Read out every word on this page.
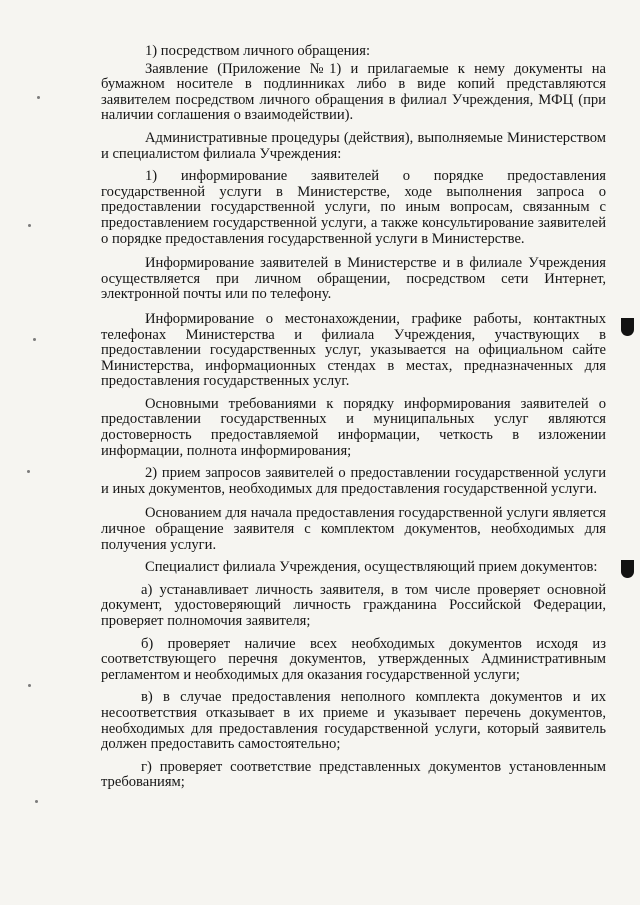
1) посредством личного обращения:

Заявление (Приложение №1) и прилагаемые к нему документы на бумажном носителе в подлинниках либо в виде копий представляются заявителем посредством личного обращения в филиал Учреждения, МФЦ (при наличии соглашения о взаимодействии).

Административные процедуры (действия), выполняемые Министерством и специалистом филиала Учреждения:

1) информирование заявителей о порядке предоставления государственной услуги в Министерстве, ходе выполнения запроса о предоставлении государственной услуги, по иным вопросам, связанным с предоставлением государственной услуги, а также консультирование заявителей о порядке предоставления государственной услуги в Министерстве.

Информирование заявителей в Министерстве и в филиале Учреждения осуществляется при личном обращении, посредством сети Интернет, электронной почты или по телефону.

Информирование о местонахождении, графике работы, контактных телефонах Министерства и филиала Учреждения, участвующих в предоставлении государственных услуг, указывается на официальном сайте Министерства, информационных стендах в местах, предназначенных для предоставления государственных услуг.

Основными требованиями к порядку информирования заявителей о предоставлении государственных и муниципальных услуг являются достоверность предоставляемой информации, четкость в изложении информации, полнота информирования;

2) прием запросов заявителей о предоставлении государственной услуги и иных документов, необходимых для предоставления государственной услуги.

Основанием для начала предоставления государственной услуги является личное обращение заявителя с комплектом документов, необходимых для получения услуги.

Специалист филиала Учреждения, осуществляющий прием документов:

а) устанавливает личность заявителя, в том числе проверяет основной документ, удостоверяющий личность гражданина Российской Федерации, проверяет полномочия заявителя;

б) проверяет наличие всех необходимых документов исходя из соответствующего перечня документов, утвержденных Административным регламентом и необходимых для оказания государственной услуги;

в) в случае предоставления неполного комплекта документов и их несоответствия отказывает в их приеме и указывает перечень документов, необходимых для предоставления государственной услуги, который заявитель должен предоставить самостоятельно;

г) проверяет соответствие представленных документов установленным требованиям;
